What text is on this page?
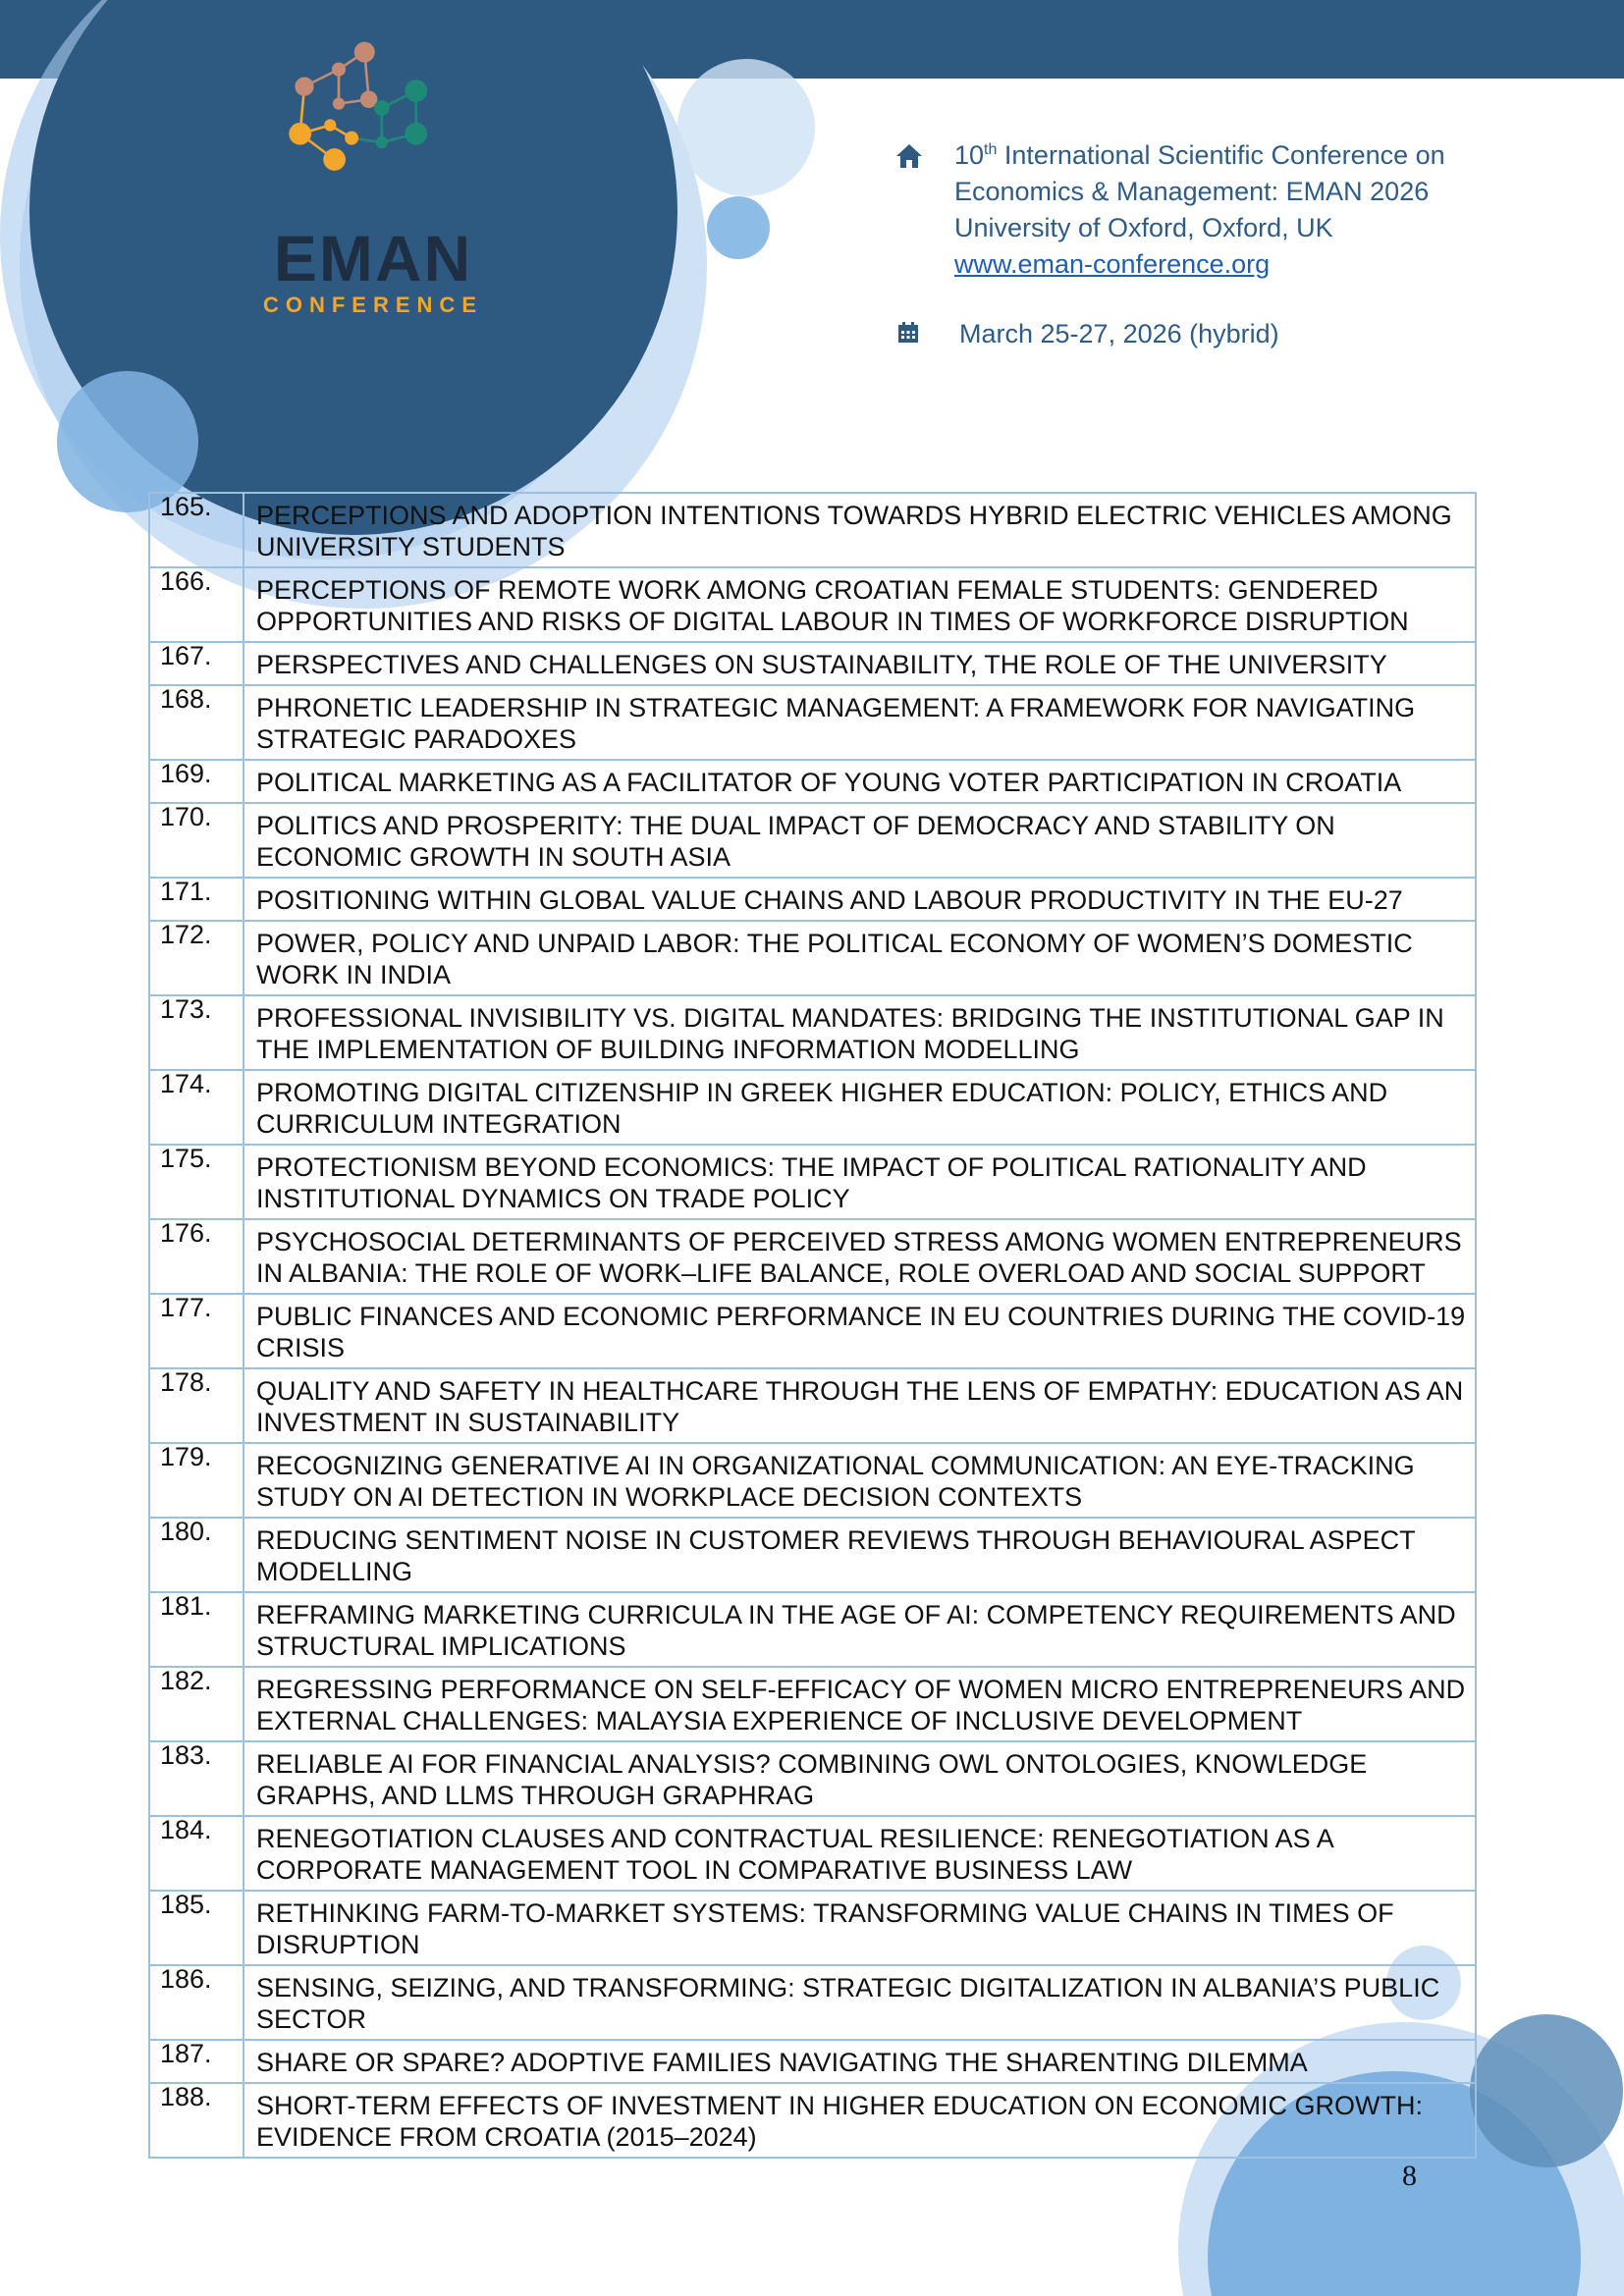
EMAN
CONFERENCE
10th International Scientific Conference on Economics & Management: EMAN 2026
University of Oxford, Oxford, UK
www.eman-conference.org
March 25-27, 2026 (hybrid)
165.	PERCEPTIONS AND ADOPTION INTENTIONS TOWARDS HYBRID ELECTRIC VEHICLES AMONG UNIVERSITY STUDENTS

166.	PERCEPTIONS OF REMOTE WORK AMONG CROATIAN FEMALE STUDENTS: GENDERED OPPORTUNITIES AND RISKS OF DIGITAL LABOUR IN TIMES OF WORKFORCE DISRUPTION

167.	PERSPECTIVES AND CHALLENGES ON SUSTAINABILITY, THE ROLE OF THE UNIVERSITY

168.	PHRONETIC LEADERSHIP IN STRATEGIC MANAGEMENT: A FRAMEWORK FOR NAVIGATING STRATEGIC PARADOXES

169.	POLITICAL MARKETING AS A FACILITATOR OF YOUNG VOTER PARTICIPATION IN CROATIA

170.	POLITICS AND PROSPERITY: THE DUAL IMPACT OF DEMOCRACY AND STABILITY ON ECONOMIC GROWTH IN SOUTH ASIA

171.	POSITIONING WITHIN GLOBAL VALUE CHAINS AND LABOUR PRODUCTIVITY IN THE EU-27

172.	POWER, POLICY AND UNPAID LABOR: THE POLITICAL ECONOMY OF WOMEN’S DOMESTIC WORK IN INDIA

173.	PROFESSIONAL INVISIBILITY VS. DIGITAL MANDATES: BRIDGING THE INSTITUTIONAL GAP IN THE IMPLEMENTATION OF BUILDING INFORMATION MODELLING

174.	PROMOTING DIGITAL CITIZENSHIP IN GREEK HIGHER EDUCATION: POLICY, ETHICS AND CURRICULUM INTEGRATION

175.	PROTECTIONISM BEYOND ECONOMICS: THE IMPACT OF POLITICAL RATIONALITY AND INSTITUTIONAL DYNAMICS ON TRADE POLICY

176.	PSYCHOSOCIAL DETERMINANTS OF PERCEIVED STRESS AMONG WOMEN ENTREPRENEURS IN ALBANIA: THE ROLE OF WORK–LIFE BALANCE, ROLE OVERLOAD AND SOCIAL SUPPORT

177.	PUBLIC FINANCES AND ECONOMIC PERFORMANCE IN EU COUNTRIES DURING THE COVID-19 CRISIS

178.	QUALITY AND SAFETY IN HEALTHCARE THROUGH THE LENS OF EMPATHY: EDUCATION AS AN INVESTMENT IN SUSTAINABILITY

179.	RECOGNIZING GENERATIVE AI IN ORGANIZATIONAL COMMUNICATION: AN EYE-TRACKING STUDY ON AI DETECTION IN WORKPLACE DECISION CONTEXTS

180.	REDUCING SENTIMENT NOISE IN CUSTOMER REVIEWS THROUGH BEHAVIOURAL ASPECT MODELLING

181.	REFRAMING MARKETING CURRICULA IN THE AGE OF AI: COMPETENCY REQUIREMENTS AND STRUCTURAL IMPLICATIONS

182.	REGRESSING PERFORMANCE ON SELF-EFFICACY OF WOMEN MICRO ENTREPRENEURS AND EXTERNAL CHALLENGES: MALAYSIA EXPERIENCE OF INCLUSIVE DEVELOPMENT

183.	RELIABLE AI FOR FINANCIAL ANALYSIS? COMBINING OWL ONTOLOGIES, KNOWLEDGE GRAPHS, AND LLMS THROUGH GRAPHRAG

184.	RENEGOTIATION CLAUSES AND CONTRACTUAL RESILIENCE: RENEGOTIATION AS A CORPORATE MANAGEMENT TOOL IN COMPARATIVE BUSINESS LAW

185.	RETHINKING FARM-TO-MARKET SYSTEMS: TRANSFORMING VALUE CHAINS IN TIMES OF DISRUPTION

186.	SENSING, SEIZING, AND TRANSFORMING: STRATEGIC DIGITALIZATION IN ALBANIA’S PUBLIC SECTOR

187.	SHARE OR SPARE? ADOPTIVE FAMILIES NAVIGATING THE SHARENTING DILEMMA

188.	SHORT-TERM EFFECTS OF INVESTMENT IN HIGHER EDUCATION ON ECONOMIC GROWTH: EVIDENCE FROM CROATIA (2015–2024)
8
